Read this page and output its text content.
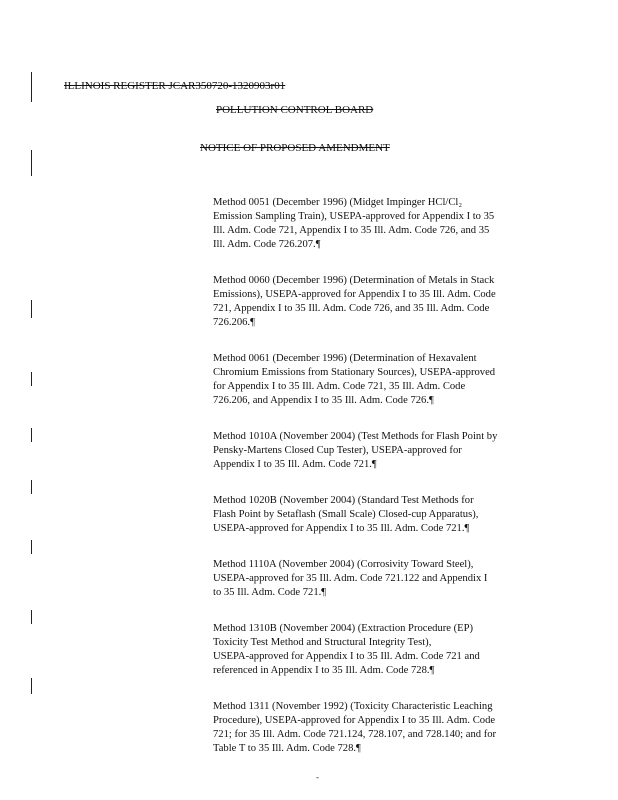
ILLINOIS REGISTER JCAR350720-1320903r01
POLLUTION CONTROL BOARD
NOTICE OF PROPOSED AMENDMENT

Method 0051 (December 1996) (Midget Impinger HCl/Cl₂
Emission Sampling Train), USEPA-approved for Appendix I to 35
Ill. Adm. Code 721, Appendix I to 35 Ill. Adm. Code 726, and 35
Ill. Adm. Code 726.207.¶

Method 0060 (December 1996) (Determination of Metals in Stack
Emissions), USEPA-approved for Appendix I to 35 Ill. Adm. Code
721, Appendix I to 35 Ill. Adm. Code 726, and 35 Ill. Adm. Code
726.206.¶

Method 0061 (December 1996) (Determination of Hexavalent
Chromium Emissions from Stationary Sources), USEPA-approved
for Appendix I to 35 Ill. Adm. Code 721, 35 Ill. Adm. Code
726.206, and Appendix I to 35 Ill. Adm. Code 726.¶

Method 1010A (November 2004) (Test Methods for Flash Point by
Pensky-Martens Closed Cup Tester), USEPA-approved for
Appendix I to 35 Ill. Adm. Code 721.¶

Method 1020B (November 2004) (Standard Test Methods for
Flash Point by Setaflash (Small Scale) Closed-cup Apparatus),
USEPA-approved for Appendix I to 35 Ill. Adm. Code 721.¶

Method 1110A (November 2004) (Corrosivity Toward Steel),
USEPA-approved for 35 Ill. Adm. Code 721.122 and Appendix I
to 35 Ill. Adm. Code 721.¶

Method 1310B (November 2004) (Extraction Procedure (EP)
Toxicity Test Method and Structural Integrity Test),
USEPA-approved for Appendix I to 35 Ill. Adm. Code 721 and
referenced in Appendix I to 35 Ill. Adm. Code 728.¶

Method 1311 (November 1992) (Toxicity Characteristic Leaching
Procedure), USEPA-approved for Appendix I to 35 Ill. Adm. Code
721; for 35 Ill. Adm. Code 721.124, 728.107, and 728.140; and for
Table T to 35 Ill. Adm. Code 728.¶

-
